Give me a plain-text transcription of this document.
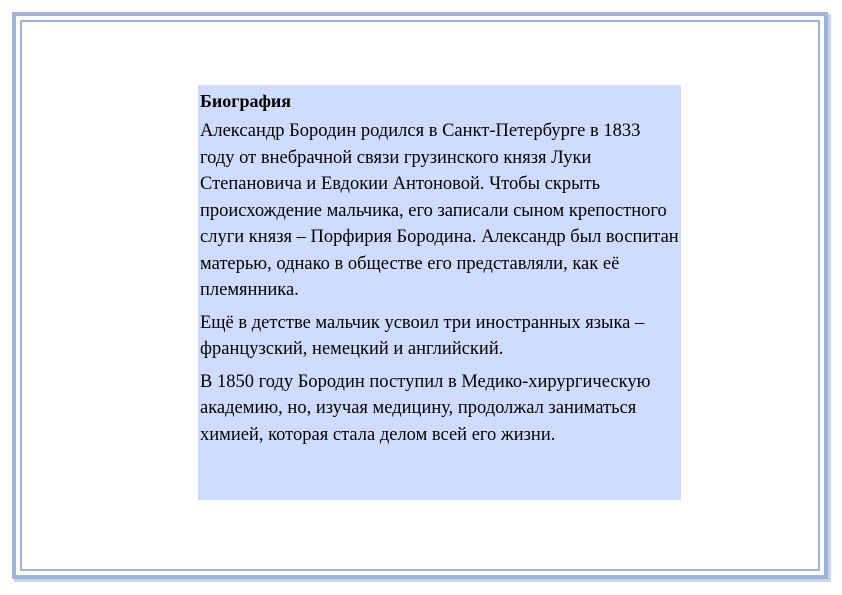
Биография

Александр Бородин родился в Санкт-Петербурге в 1833 году от внебрачной связи грузинского князя Луки Степановича и Евдокии Антоновой. Чтобы скрыть происхождение мальчика, его записали сыном крепостного слуги князя – Порфирия Бородина. Александр был воспитан матерью, однако в обществе его представляли, как её племянника.

Ещё в детстве мальчик усвоил три иностранных языка – французский, немецкий и английский.

В 1850 году Бородин поступил в Медико-хирургическую академию, но, изучая медицину, продолжал заниматься химией, которая стала делом всей его жизни.
